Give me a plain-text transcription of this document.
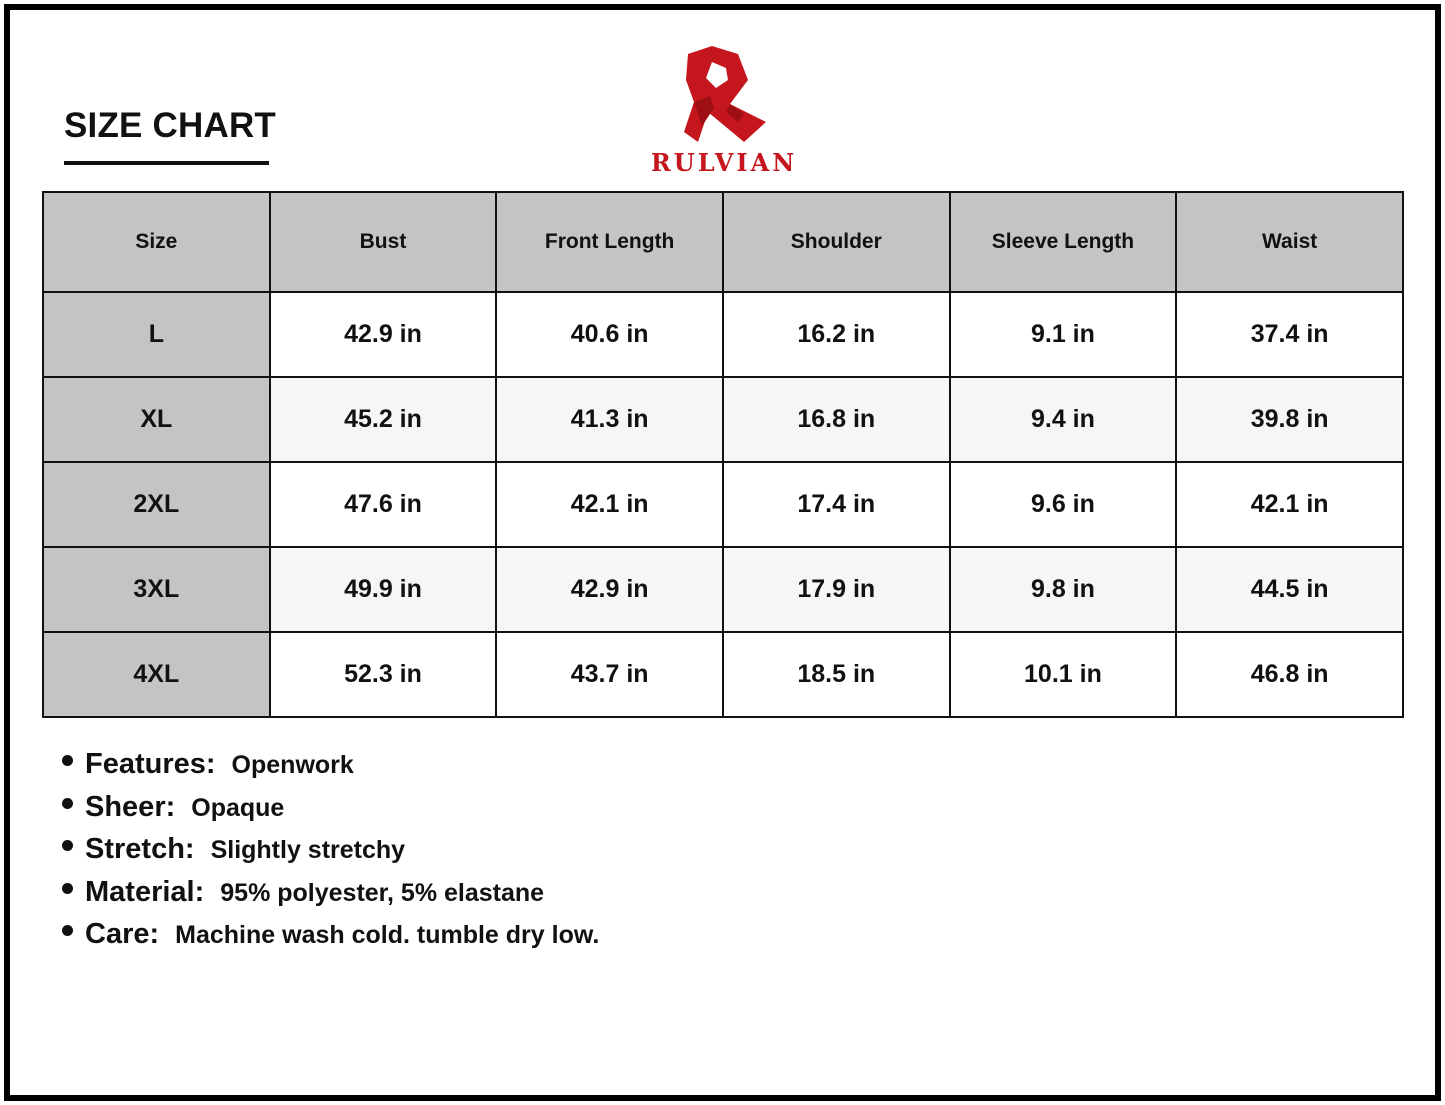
SIZE CHART
RULVIAN
Size	Bust	Front Length	Shoulder	Sleeve Length	Waist
L	42.9 in	40.6 in	16.2 in	9.1 in	37.4 in
XL	45.2 in	41.3 in	16.8 in	9.4 in	39.8 in
2XL	47.6 in	42.1 in	17.4 in	9.6 in	42.1 in
3XL	49.9 in	42.9 in	17.9 in	9.8 in	44.5 in
4XL	52.3 in	43.7 in	18.5 in	10.1 in	46.8 in
Features: Openwork
Sheer: Opaque
Stretch: Slightly stretchy
Material: 95% polyester, 5% elastane
Care: Machine wash cold. tumble dry low.
